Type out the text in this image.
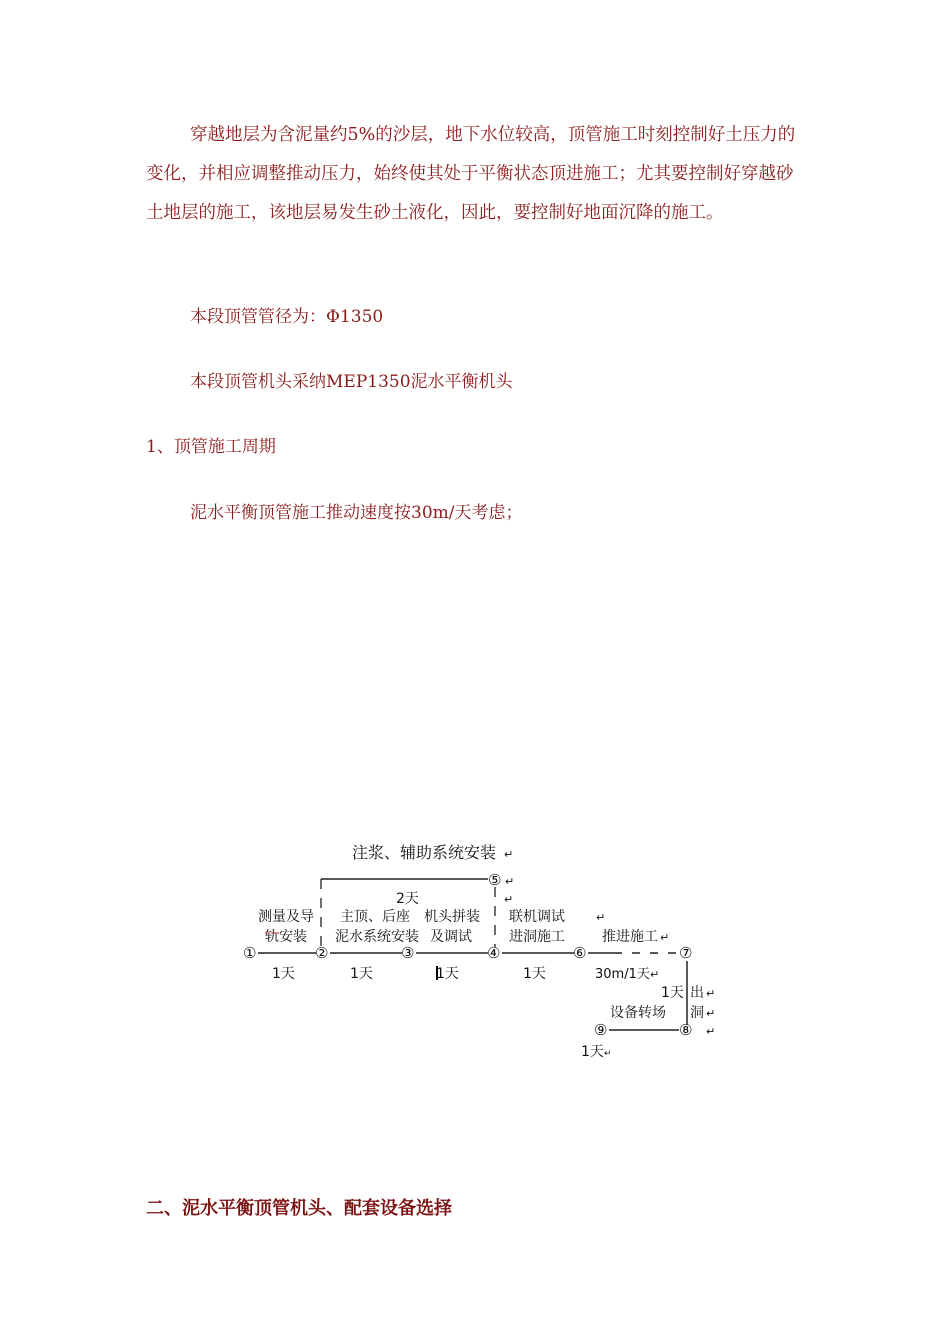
穿越地层为含泥量约5%的沙层，地下水位较高，顶管施工时刻控制好土压力的变化，并相应调整推动压力，始终使其处于平衡状态顶进施工；尤其要控制好穿越砂土地层的施工，该地层易发生砂土液化，因此，要控制好地面沉降的施工。

本段顶管管径为：Φ1350

本段顶管机头采纳MEP1350泥水平衡机头

1、顶管施工周期

泥水平衡顶管施工推动速度按30m/天考虑；

注浆、辅助系统安装 ↵
⑤ ↵
2天	↵
测量及导
轨安装
主顶、后座
泥水系统安装
机头拼装
及调试
联机调试
进洞施工
↵
推进施工 ↵
①	②	③	④	⑥	⑦
1天	1天	1天	1天	30m/1天 ↵
1天 出 ↵
洞 ↵
设备转场
⑨	⑧ ↵
1天 ↵
二、泥水平衡顶管机头、配套设备选择
